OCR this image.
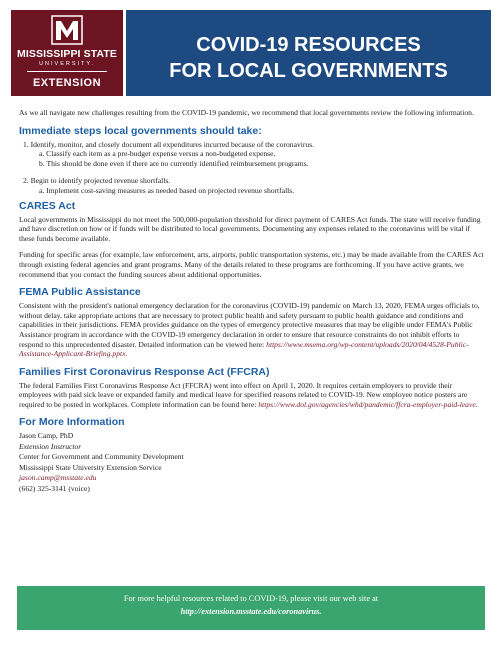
MISSISSIPPI STATE
UNIVERSITY.
EXTENSION
COVID-19 RESOURCES
FOR LOCAL GOVERNMENTS

As we all navigate new challenges resulting from the COVID-19 pandemic, we recommend that local governments review the following information.

Immediate steps local governments should take:
1. Identify, monitor, and closely document all expenditures incurred because of the coronavirus.
a. Classify each item as a pre-budget expense versus a non-budgeted expense.
b. This should be done even if there are no currently identified reimbursement programs.
2. Begin to identify projected revenue shortfalls.
a. Implement cost-saving measures as needed based on projected revenue shortfalls.
CARES Act

Local governments in Mississippi do not meet the 500,000-population threshold for direct payment of CARES Act funds. The state will receive funding and have discretion on how or if funds will be distributed to local governments. Documenting any expenses related to the coronavirus will be vital if these funds become available.

Funding for specific areas (for example, law enforcement, arts, airports, public transportation systems, etc.) may be made available from the CARES Act through existing federal agencies and grant programs. Many of the details related to these programs are forthcoming. If you have active grants, we recommend that you contact the funding sources about additional opportunities.

FEMA Public Assistance

Consistent with the president's national emergency declaration for the coronavirus (COVID-19) pandemic on March 13, 2020, FEMA urges officials to, without delay, take appropriate actions that are necessary to protect public health and safety pursuant to public health guidance and conditions and capabilities in their jurisdictions. FEMA provides guidance on the types of emergency protective measures that may be eligible under FEMA's Public Assistance program in accordance with the COVID-19 emergency declaration in order to ensure that resource constraints do not inhibit efforts to respond to this unprecedented disaster. Detailed information can be viewed here: https://www.msema.org/wp-content/uploads/2020/04/4528-Public-Assistance-Applicant-Briefing.pptx.

Families First Coronavirus Response Act (FFCRA)

The federal Families First Coronavirus Response Act (FFCRA) went into effect on April 1, 2020. It requires certain employers to provide their employees with paid sick leave or expanded family and medical leave for specified reasons related to COVID-19. New employee notice posters are required to be posted in workplaces. Complete information can be found here: https://www.dol.gov/agencies/whd/pandemic/ffcra-employer-paid-leave.

For More Information
Jason Camp, PhD
Extension Instructor
Center for Government and Community Development
Mississippi State University Extension Service
jason.camp@msstate.edu
(662) 325-3141 (voice)
For more helpful resources related to COVID-19, please visit our web site at
http://extension.msstate.edu/coronavirus.
